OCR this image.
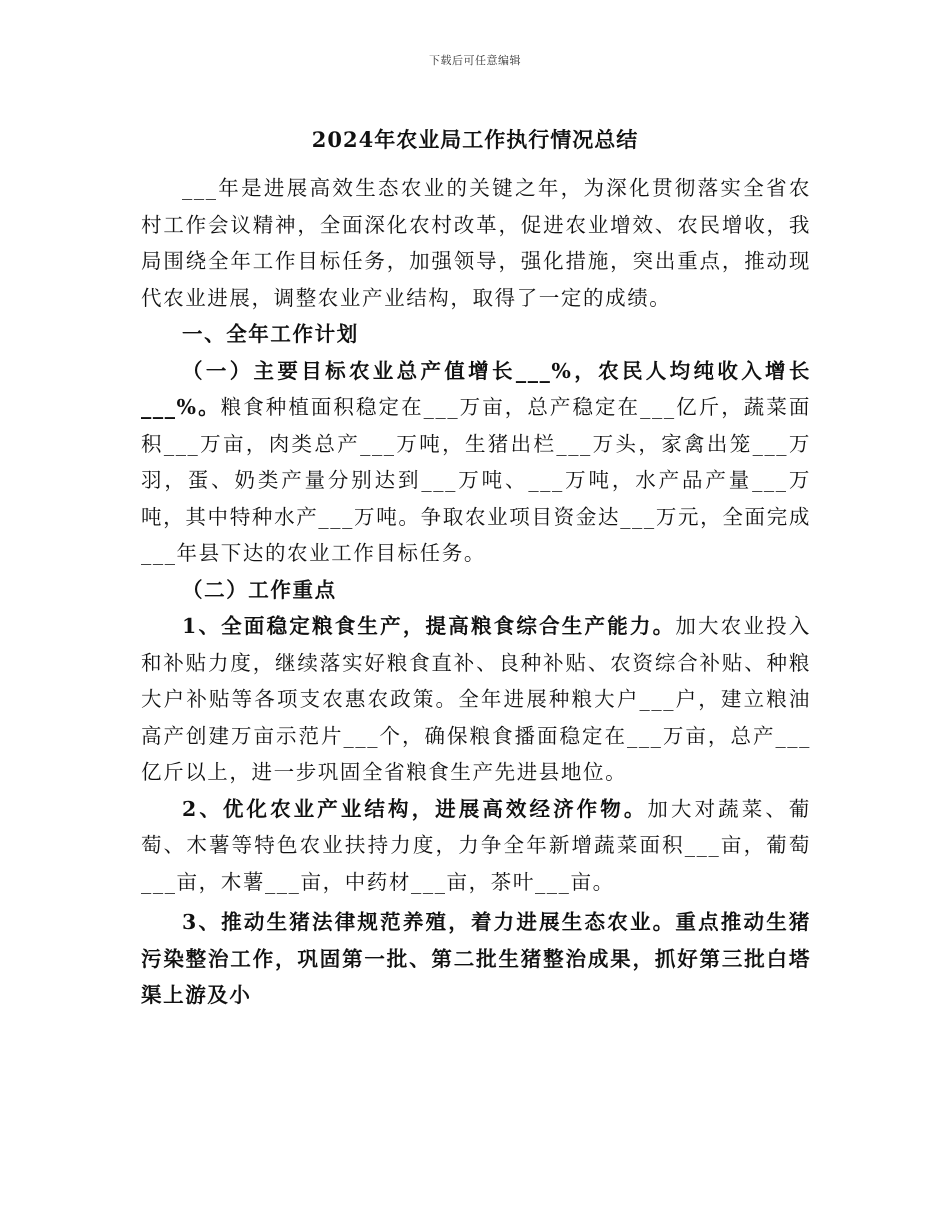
下载后可任意编辑
2024年农业局工作执行情况总结

___年是进展高效生态农业的关键之年，为深化贯彻落实全省农村工作会议精神，全面深化农村改革，促进农业增效、农民增收，我局围绕全年工作目标任务，加强领导，强化措施，突出重点，推动现代农业进展，调整农业产业结构，取得了一定的成绩。

一、全年工作计划

（一）主要目标农业总产值增长___%，农民人均纯收入增长___%。粮食种植面积稳定在___万亩，总产稳定在___亿斤，蔬菜面积___万亩，肉类总产___万吨，生猪出栏___万头，家禽出笼___万羽，蛋、奶类产量分别达到___万吨、___万吨，水产品产量___万吨，其中特种水产___万吨。争取农业项目资金达___万元，全面完成___年县下达的农业工作目标任务。

（二）工作重点

1、全面稳定粮食生产，提高粮食综合生产能力。加大农业投入和补贴力度，继续落实好粮食直补、良种补贴、农资综合补贴、种粮大户补贴等各项支农惠农政策。全年进展种粮大户___户，建立粮油高产创建万亩示范片___个，确保粮食播面稳定在___万亩，总产___亿斤以上，进一步巩固全省粮食生产先进县地位。

2、优化农业产业结构，进展高效经济作物。加大对蔬菜、葡萄、木薯等特色农业扶持力度，力争全年新增蔬菜面积___亩，葡萄___亩，木薯___亩，中药材___亩，茶叶___亩。

3、推动生猪法律规范养殖，着力进展生态农业。重点推动生猪污染整治工作，巩固第一批、第二批生猪整治成果，抓好第三批白塔渠上游及小
